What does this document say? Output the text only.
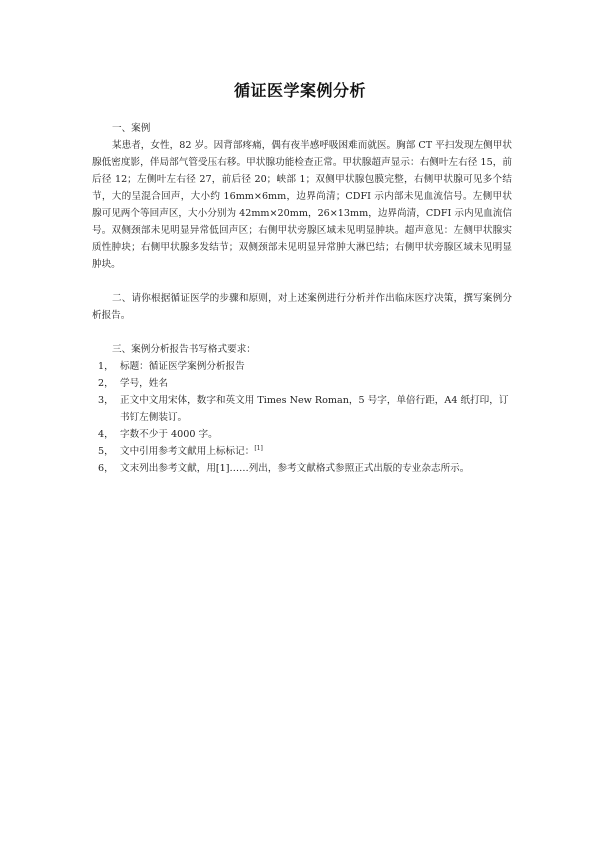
循证医学案例分析

一、案例

某患者，女性，82 岁。因背部疼痛，偶有夜半感呼吸困难而就医。胸部 CT 平扫发现左侧甲状腺低密度影，伴局部气管受压右移。甲状腺功能检查正常。甲状腺超声显示：右侧叶左右径 15，前后径 12；左侧叶左右径 27，前后径 20；峡部 1；双侧甲状腺包膜完整，右侧甲状腺可见多个结节，大的呈混合回声，大小约 16mm×6mm，边界尚清；CDFI 示内部未见血流信号。左侧甲状腺可见两个等回声区，大小分别为 42mm×20mm，26×13mm，边界尚清，CDFI 示内见血流信号。双侧颈部未见明显异常低回声区；右侧甲状旁腺区域未见明显肿块。超声意见：左侧甲状腺实质性肿块；右侧甲状腺多发结节；双侧颈部未见明显异常肿大淋巴结；右侧甲状旁腺区域未见明显肿块。

二、请你根据循证医学的步骤和原则，对上述案例进行分析并作出临床医疗决策，撰写案例分析报告。

三、案例分析报告书写格式要求：

1， 标题：循证医学案例分析报告

2， 学号，姓名

3， 正文中文用宋体，数字和英文用 Times New Roman，5 号字，单倍行距，A4 纸打印，订书钉左侧装订。

4， 字数不少于 4000 字。

5， 文中引用参考文献用上标标记：[1]

6， 文末列出参考文献，用[1]……列出，参考文献格式参照正式出版的专业杂志所示。
